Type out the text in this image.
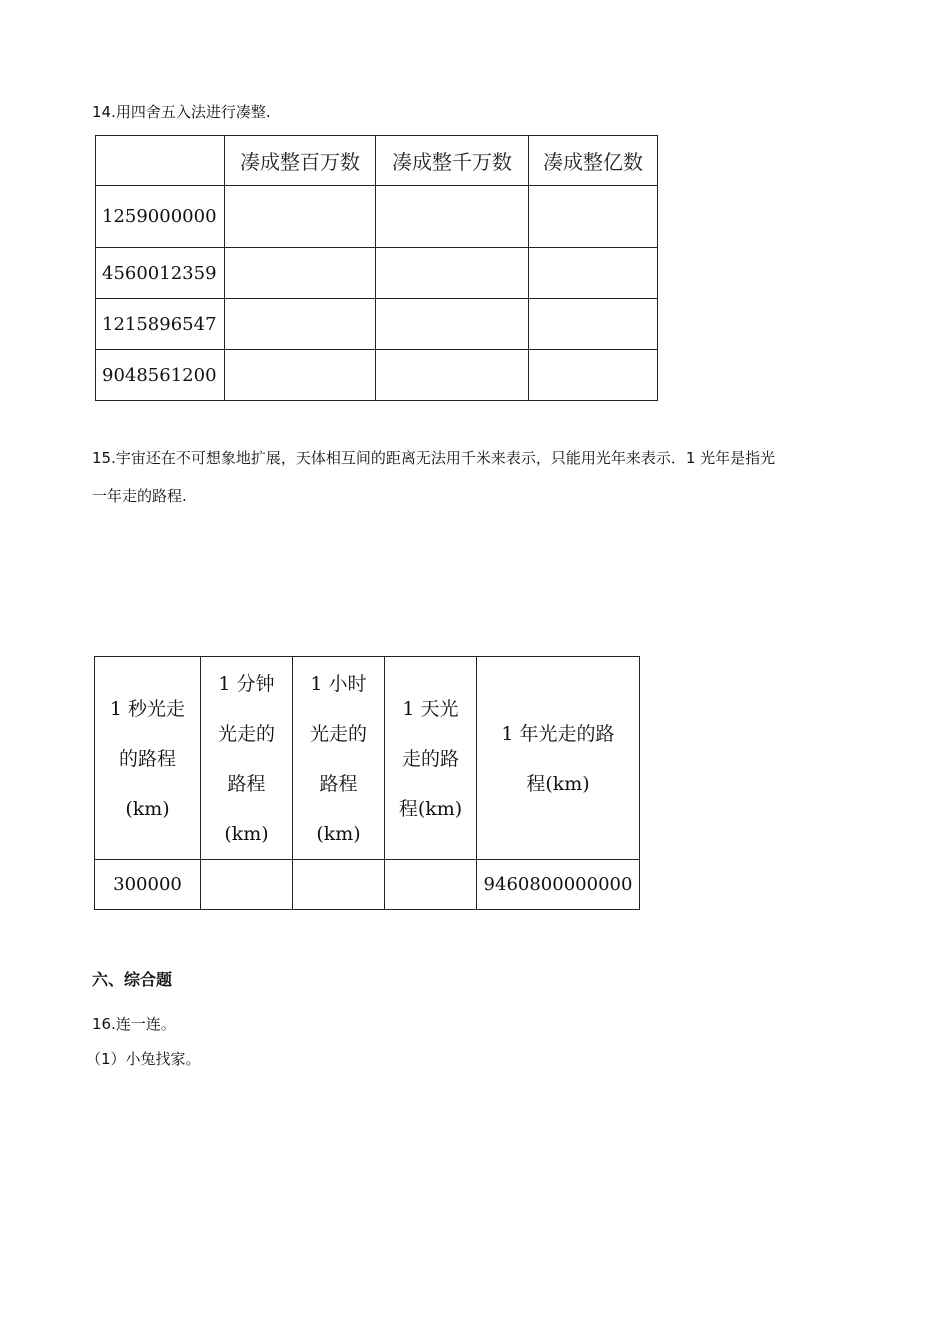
14.用四舍五入法进行凑整.
	凑成整百万数	凑成整千万数	凑成整亿数
1259000000			
4560012359			
1215896547			
9048561200			
15.宇宙还在不可想象地扩展，天体相互间的距离无法用千米来表示，只能用光年来表示．1 光年是指光
一年走的路程.
1 秒光走
的路程
(km)	1 分钟
光走的
路程
(km)	1 小时
光走的
路程
(km)	1 天光
走的路
程(km)	1 年光走的路
程(km)

300000				9460800000000
六、综合题
16.连一连。
（1）小兔找家。
